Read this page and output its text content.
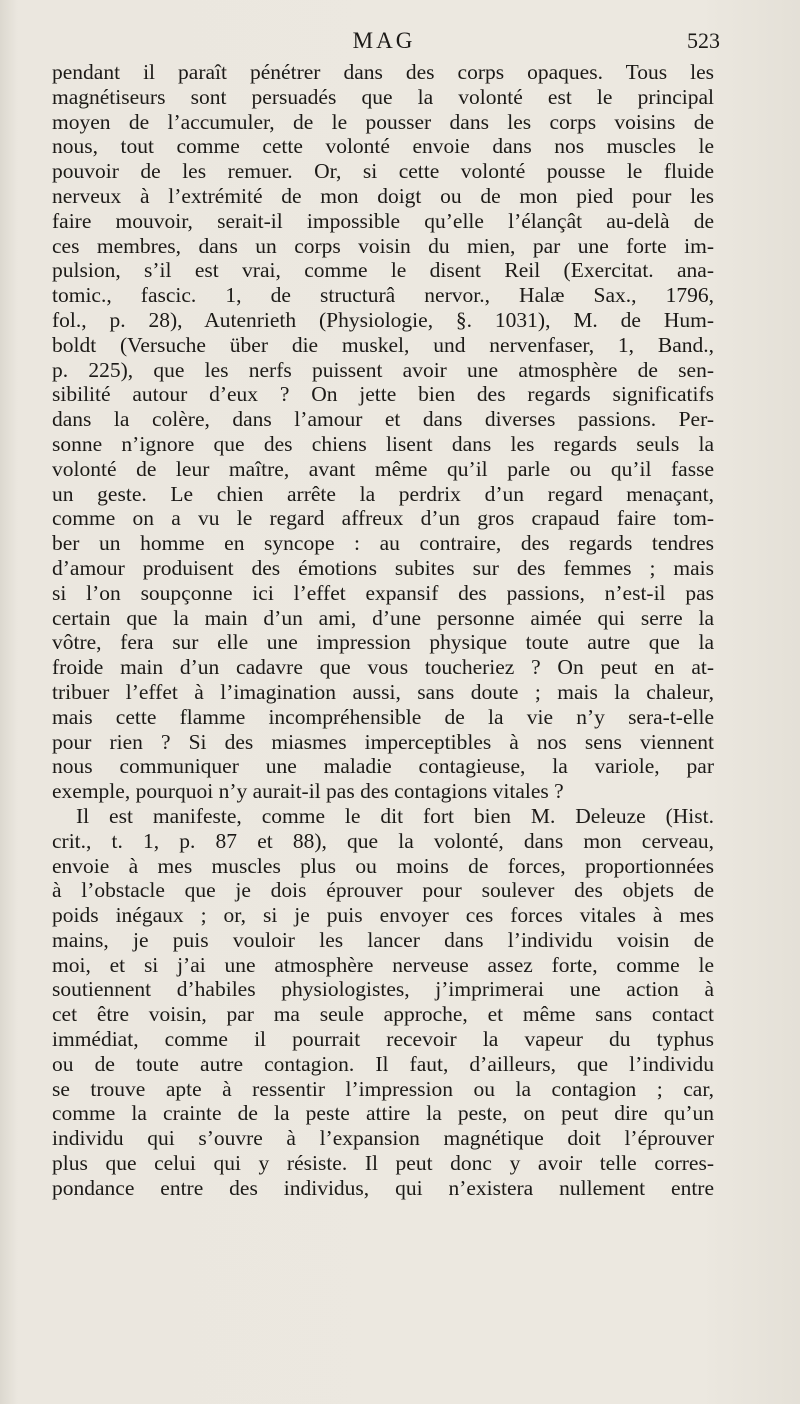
MAG	523
pendant il paraît pénétrer dans des corps opaques. Tous les
magnétiseurs sont persuadés que la volonté est le principal
moyen de l’accumuler, de le pousser dans les corps voisins de
nous, tout comme cette volonté envoie dans nos muscles le
pouvoir de les remuer. Or, si cette volonté pousse le fluide
nerveux à l’extrémité de mon doigt ou de mon pied pour les
faire mouvoir, serait-il impossible qu’elle l’élançât au-delà de
ces membres, dans un corps voisin du mien, par une forte im-
pulsion, s’il est vrai, comme le disent Reil (Exercitat. ana-
tomic., fascic. 1, de structurâ nervor., Halæ Sax., 1796,
fol., p. 28), Autenrieth (Physiologie, §. 1031), M. de Hum-
boldt (Versuche über die muskel, und nervenfaser, 1, Band.,
p. 225), que les nerfs puissent avoir une atmosphère de sen-
sibilité autour d’eux ? On jette bien des regards significatifs
dans la colère, dans l’amour et dans diverses passions. Per-
sonne n’ignore que des chiens lisent dans les regards seuls la
volonté de leur maître, avant même qu’il parle ou qu’il fasse
un geste. Le chien arrête la perdrix d’un regard menaçant,
comme on a vu le regard affreux d’un gros crapaud faire tom-
ber un homme en syncope : au contraire, des regards tendres
d’amour produisent des émotions subites sur des femmes ; mais
si l’on soupçonne ici l’effet expansif des passions, n’est-il pas
certain que la main d’un ami, d’une personne aimée qui serre la
vôtre, fera sur elle une impression physique toute autre que la
froide main d’un cadavre que vous toucheriez ? On peut en at-
tribuer l’effet à l’imagination aussi, sans doute ; mais la chaleur,
mais cette flamme incompréhensible de la vie n’y sera-t-elle
pour rien ? Si des miasmes imperceptibles à nos sens viennent
nous communiquer une maladie contagieuse, la variole, par
exemple, pourquoi n’y aurait-il pas des contagions vitales ?
Il est manifeste, comme le dit fort bien M. Deleuze (Hist.
crit., t. 1, p. 87 et 88), que la volonté, dans mon cerveau,
envoie à mes muscles plus ou moins de forces, proportionnées
à l’obstacle que je dois éprouver pour soulever des objets de
poids inégaux ; or, si je puis envoyer ces forces vitales à mes
mains, je puis vouloir les lancer dans l’individu voisin de
moi, et si j’ai une atmosphère nerveuse assez forte, comme le
soutiennent d’habiles physiologistes, j’imprimerai une action à
cet être voisin, par ma seule approche, et même sans contact
immédiat, comme il pourrait recevoir la vapeur du typhus
ou de toute autre contagion. Il faut, d’ailleurs, que l’individu
se trouve apte à ressentir l’impression ou la contagion ; car,
comme la crainte de la peste attire la peste, on peut dire qu’un
individu qui s’ouvre à l’expansion magnétique doit l’éprouver
plus que celui qui y résiste. Il peut donc y avoir telle corres-
pondance entre des individus, qui n’existera nullement entre
